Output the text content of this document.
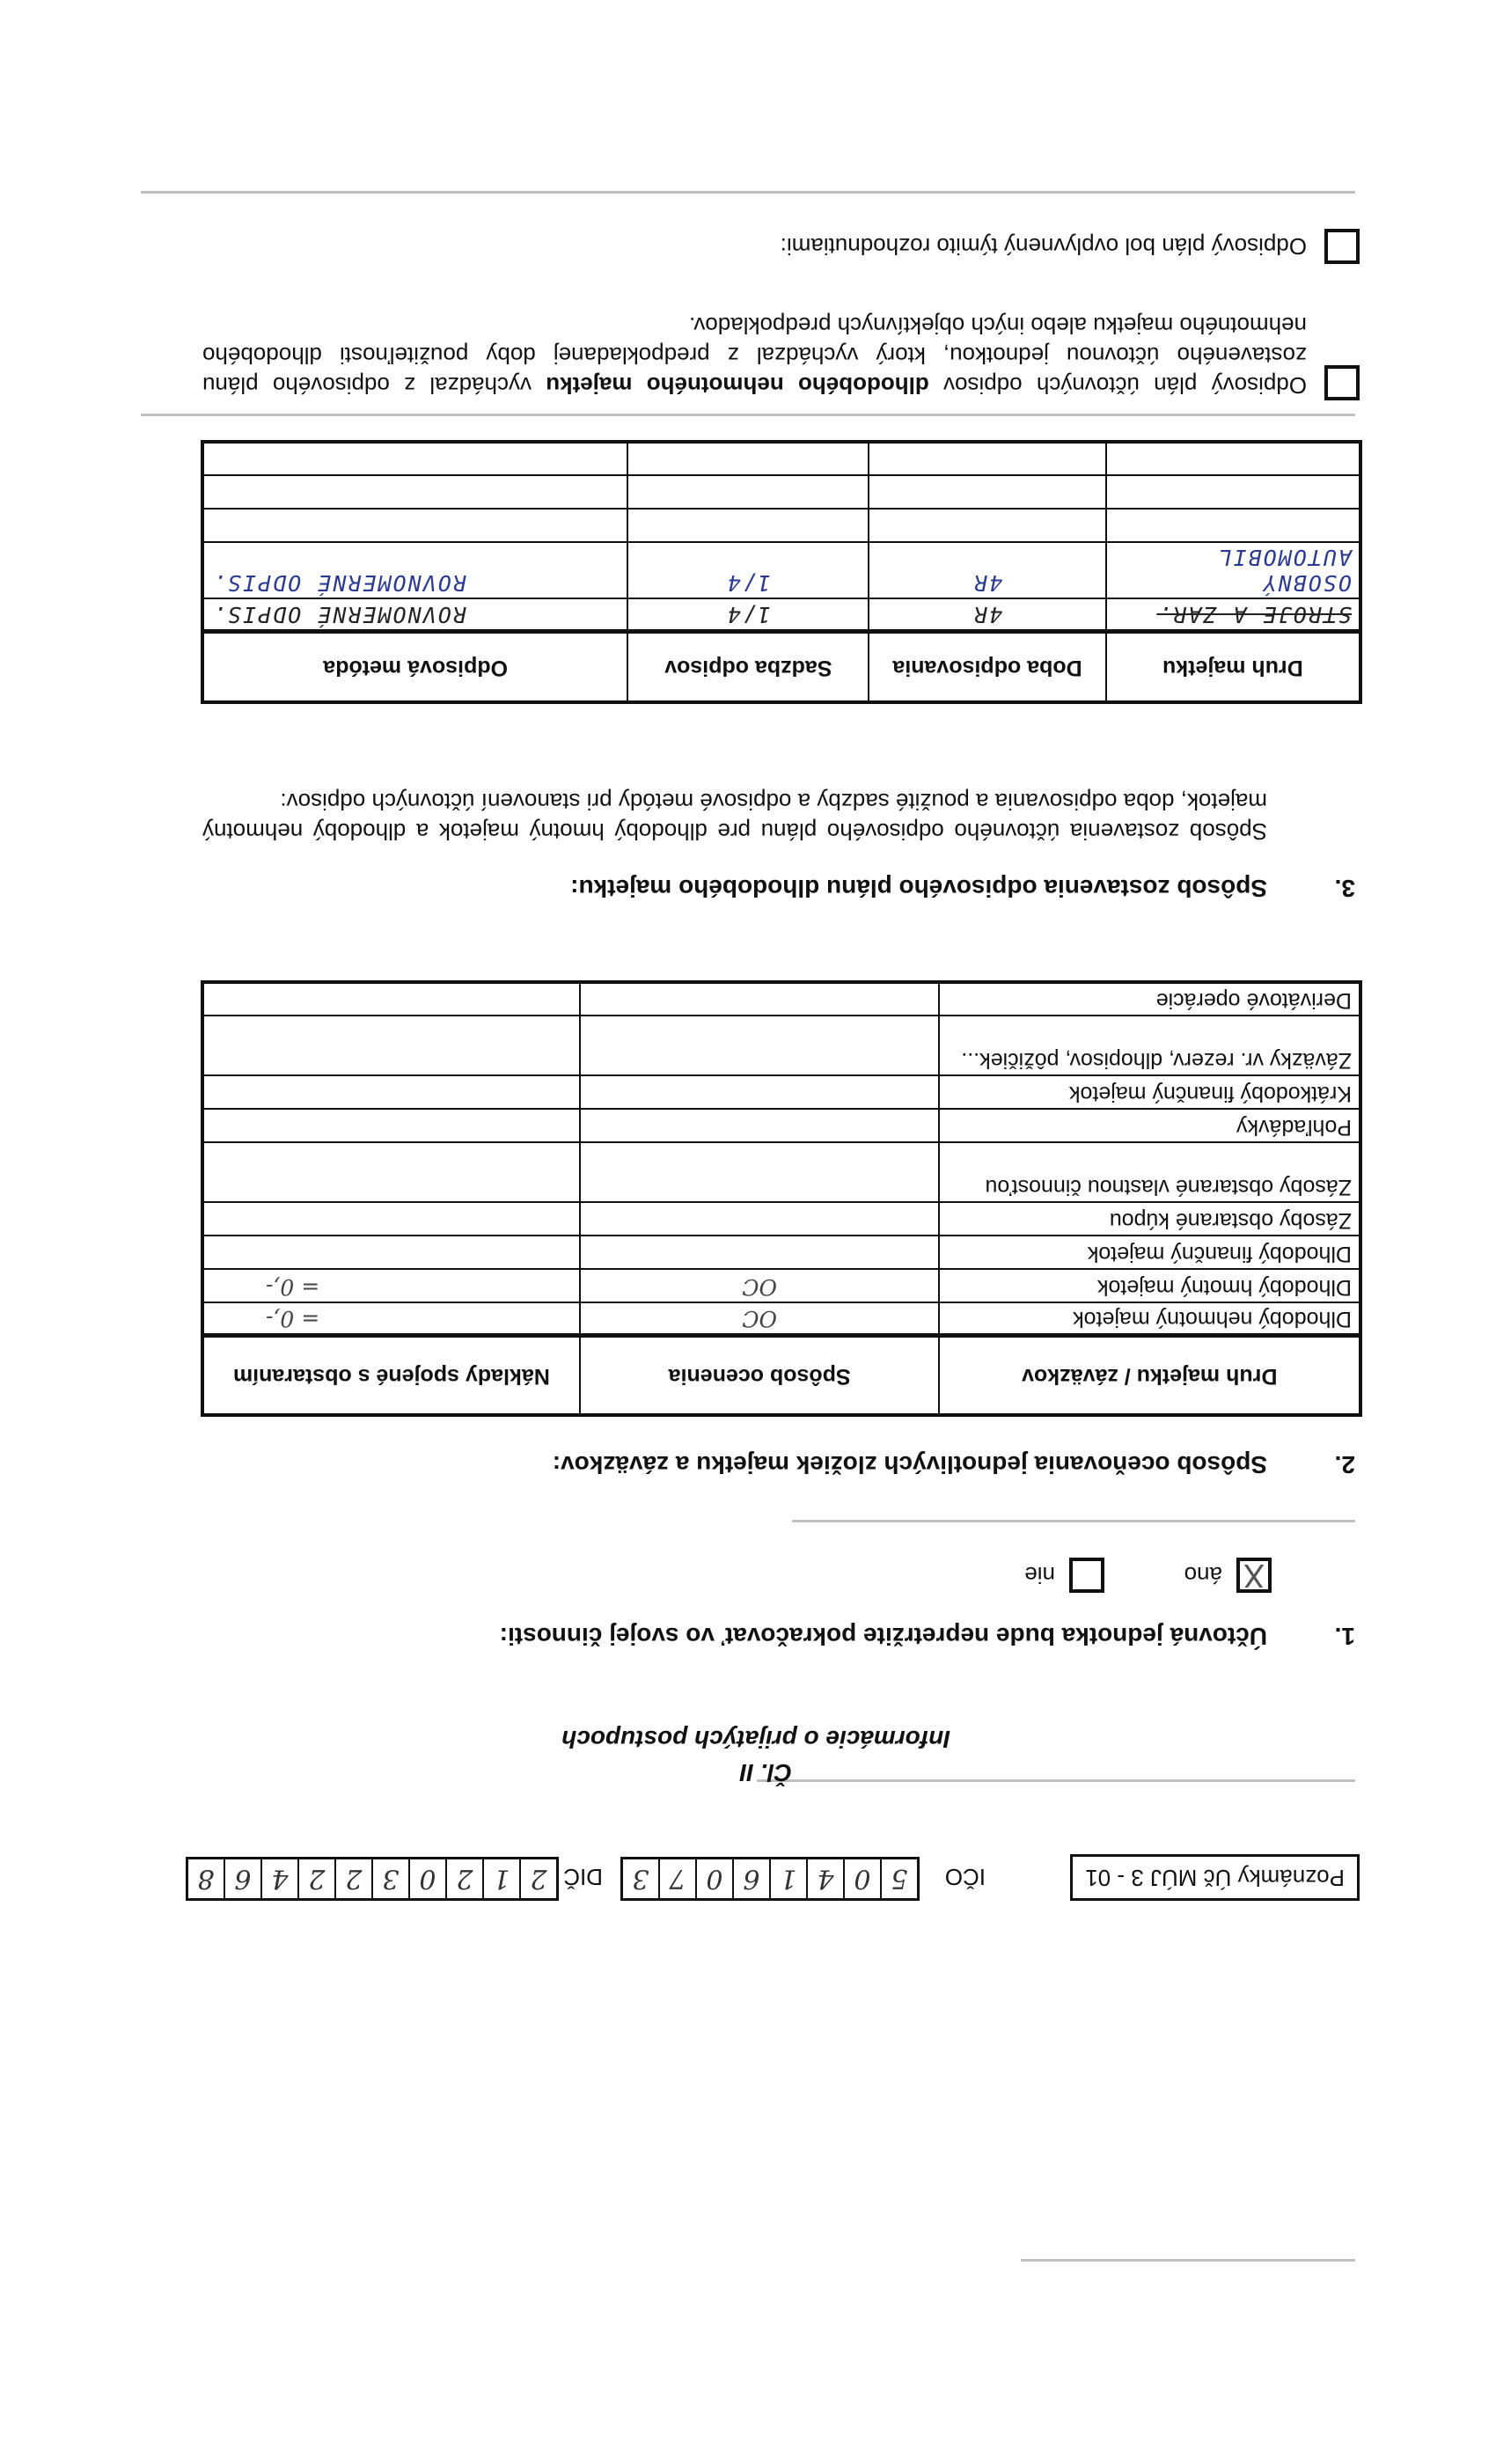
Poznámky Úč MÚJ 3 - 01
IČO
5
0
4
1
6
0
7
3
DIČ
2
1
2
0
3
2
2
4
6
8
Čl. II
Informácie o prijatých postupoch
1.Účtovná jednotka bude nepretržite pokračovať vo svojej činnosti:
X
áno
nie
2.Spôsob oceňovania jednotlivých zložiek majetku a záväzkov:
Druh majetku / záväzkov	Spôsob ocenenia	Náklady spojené s obstaraním
Dlhodobý nehmotný majetok	OC	= 0,-
Dlhodobý hmotný majetok	OC	= 0,-
Dlhodobý finančný majetok		
Zásoby obstarané kúpou		
Zásoby obstarané vlastnou činnosťou		
Pohľadávky		
Krátkodobý finančný majetok		
Záväzky vr. rezerv, dlhopisov, pôžičiek...		
Derivátové operácie		
3.Spôsob zostavenia odpisového plánu dlhodobého majetku:
Spôsob zostavenia účtovného odpisového plánu pre dlhodobý hmotný majetok a dlhodobý nehmotný majetok, doba odpisovania a použité sadzby a odpisové metódy pri stanovení účtovných odpisov:
Druh majetku	Doba odpisovania	Sadzba odpisov	Odpisová metóda
STROJE A ZAR.	4R	1/4	ROVNOMERNÉ ODPIS.
OSOBNÝ AUTOMOBIL	4R	1/4	ROVNOMERNÉ ODPIS.

Odpisový plán účtovných odpisov dlhodobého nehmotného majetku vychádzal z odpisového plánu zostaveného účtovnou jednotkou, ktorý vychádzal z predpokladanej doby použiteľnosti dlhodobého nehmotného majetku alebo iných objektívnych predpokladov.
Odpisový plán bol ovplyvnený týmito rozhodnutiami:
